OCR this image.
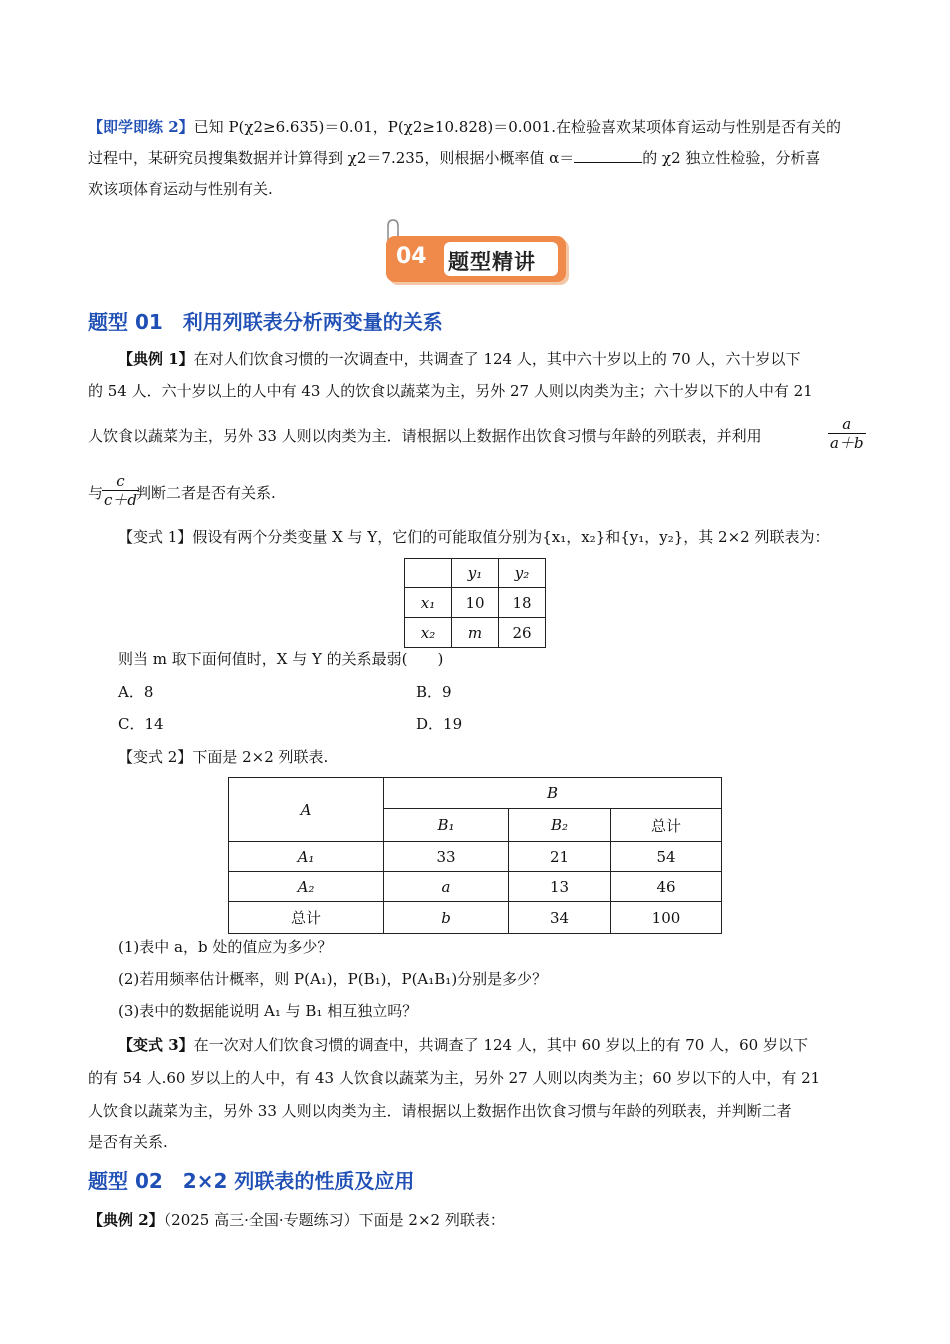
【即学即练 2】已知 P(χ2≥6.635)＝0.01，P(χ2≥10.828)＝0.001.在检验喜欢某项体育运动与性别是否有关的
过程中，某研究员搜集数据并计算得到 χ2＝7.235，则根据小概率值 α＝	的 χ2 独立性检验，分析喜
欢该项体育运动与性别有关.
04 题型精讲
题型 01　利用列联表分析两变量的关系
【典例 1】在对人们饮食习惯的一次调查中，共调查了 124 人，其中六十岁以上的 70 人，六十岁以下
的 54 人．六十岁以上的人中有 43 人的饮食以蔬菜为主，另外 27 人则以肉类为主；六十岁以下的人中有 21
人饮食以蔬菜为主，另外 33 人则以肉类为主．请根据以上数据作出饮食习惯与年龄的列联表，并利用	$\frac{a}{a+b}$
与
$\frac{c}{c+d}$
判断二者是否有关系.
【变式 1】假设有两个分类变量 X 与 Y，它们的可能取值分别为{x₁，x₂}和{y₁，y₂}，其 2×2 列联表为：
	y₁	y₂
x₁	10	18
x₂	m	26
则当 m 取下面何值时，X 与 Y 的关系最弱(　　)
A．8	B．9
C．14	D．19
【变式 2】下面是 2×2 列联表.
A	B		
	B₁	B₂	总计
A₁	33	21	54
A₂	a	13	46
总计	b	34	100
(1)表中 a，b 处的值应为多少？
(2)若用频率估计概率，则 P(A₁)，P(B₁)，P(A₁B₁)分别是多少？
(3)表中的数据能说明 A₁ 与 B₁ 相互独立吗？
【变式 3】在一次对人们饮食习惯的调查中，共调查了 124 人，其中 60 岁以上的有 70 人，60 岁以下
的有 54 人.60 岁以上的人中，有 43 人饮食以蔬菜为主，另外 27 人则以肉类为主；60 岁以下的人中，有 21
人饮食以蔬菜为主，另外 33 人则以肉类为主．请根据以上数据作出饮食习惯与年龄的列联表，并判断二者
是否有关系.
题型 02　2×2 列联表的性质及应用
【典例 2】（2025 高三·全国·专题练习）下面是 2×2 列联表：
